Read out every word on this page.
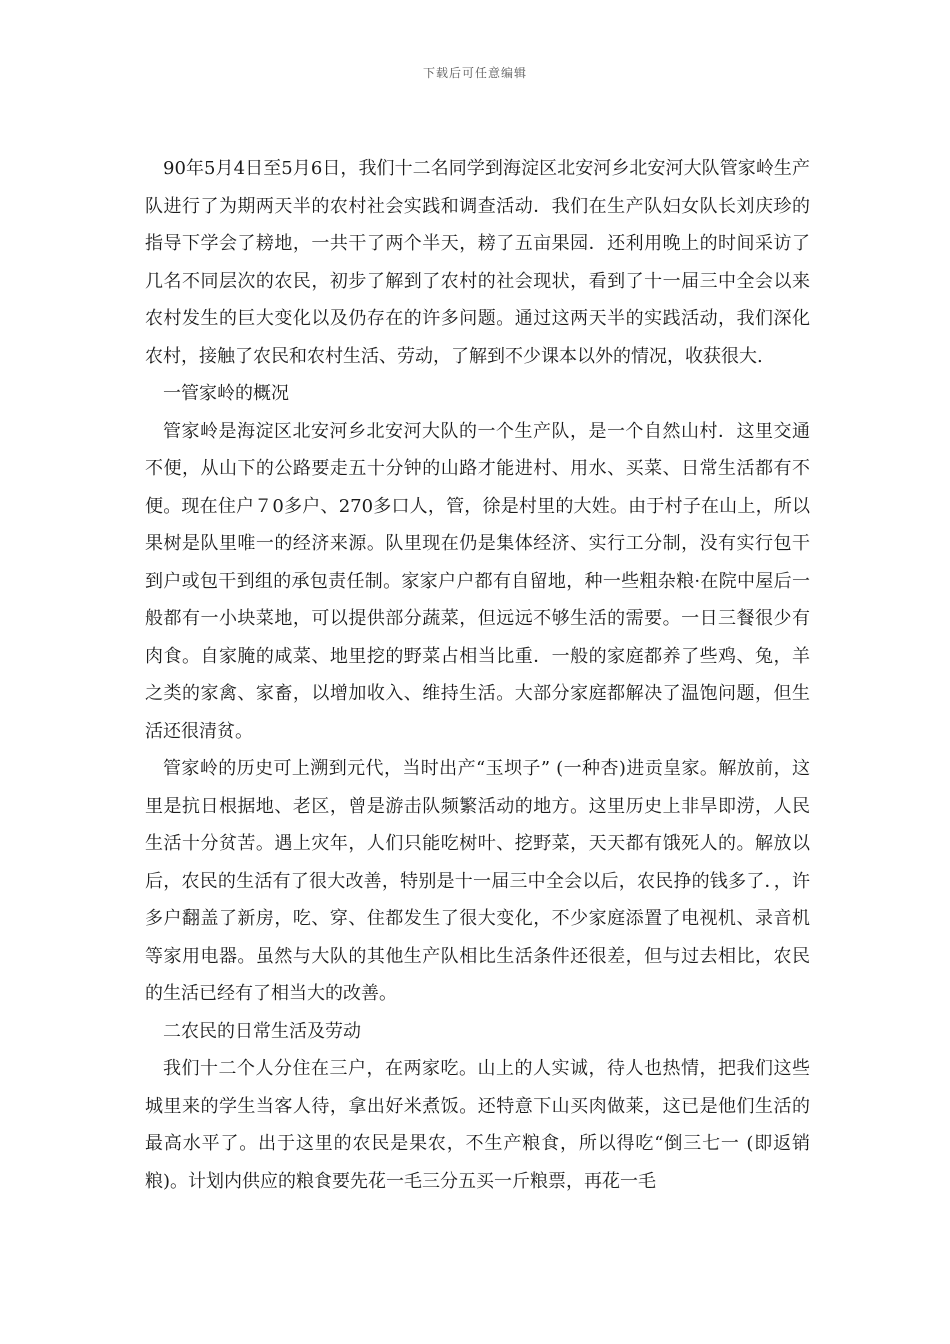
下载后可任意编辑

90年5月4日至5月6日，我们十二名同学到海淀区北安河乡北安河大队管家岭生产队进行了为期两天半的农村社会实践和调查活动．我们在生产队妇女队长刘庆珍的指导下学会了耪地，一共干了两个半天，耪了五亩果园．还利用晚上的时间采访了几名不同层次的农民，初步了解到了农村的社会现状，看到了十一届三中全会以来农村发生的巨大变化以及仍存在的许多问题。通过这两天半的实践活动，我们深化农村，接触了农民和农村生活、劳动，了解到不少课本以外的情况，收获很大.

一管家岭的概况

管家岭是海淀区北安河乡北安河大队的一个生产队，是一个自然山村．这里交通不便，从山下的公路要走五十分钟的山路才能进村、用水、买菜、日常生活都有不便。现在住户７0多户、270多口人，管，徐是村里的大姓。由于村子在山上，所以果树是队里唯一的经济来源。队里现在仍是集体经济、实行工分制，没有实行包干到户或包干到组的承包责任制。家家户户都有自留地，种一些粗杂粮·在院中屋后一般都有一小块菜地，可以提供部分蔬菜，但远远不够生活的需要。一日三餐很少有肉食。自家腌的咸菜、地里挖的野菜占相当比重．一般的家庭都养了些鸡、兔，羊之类的家禽、家畜，以增加收入、维持生活。大部分家庭都解决了温饱问题，但生活还很清贫。

管家岭的历史可上溯到元代，当时出产“玉坝子” (一种杏)进贡皇家。解放前，这里是抗日根据地、老区，曾是游击队频繁活动的地方。这里历史上非旱即涝，人民生活十分贫苦。遇上灾年，人们只能吃树叶、挖野菜，天天都有饿死人的。解放以后，农民的生活有了很大改善，特别是十一届三中全会以后，农民挣的钱多了．，许多户翻盖了新房，吃、穿、住都发生了很大变化，不少家庭添置了电视机、录音机等家用电器。虽然与大队的其他生产队相比生活条件还很差，但与过去相比，农民的生活已经有了相当大的改善。

二农民的日常生活及劳动

我们十二个人分住在三户，在两家吃。山上的人实诚，待人也热情，把我们这些城里来的学生当客人待，拿出好米煮饭。还特意下山买肉做莱，这已是他们生活的最高水平了。出于这里的农民是果农，不生产粮食，所以得吃“倒三七一 (即返销粮)。计划内供应的粮食要先花一毛三分五买一斤粮票，再花一毛
